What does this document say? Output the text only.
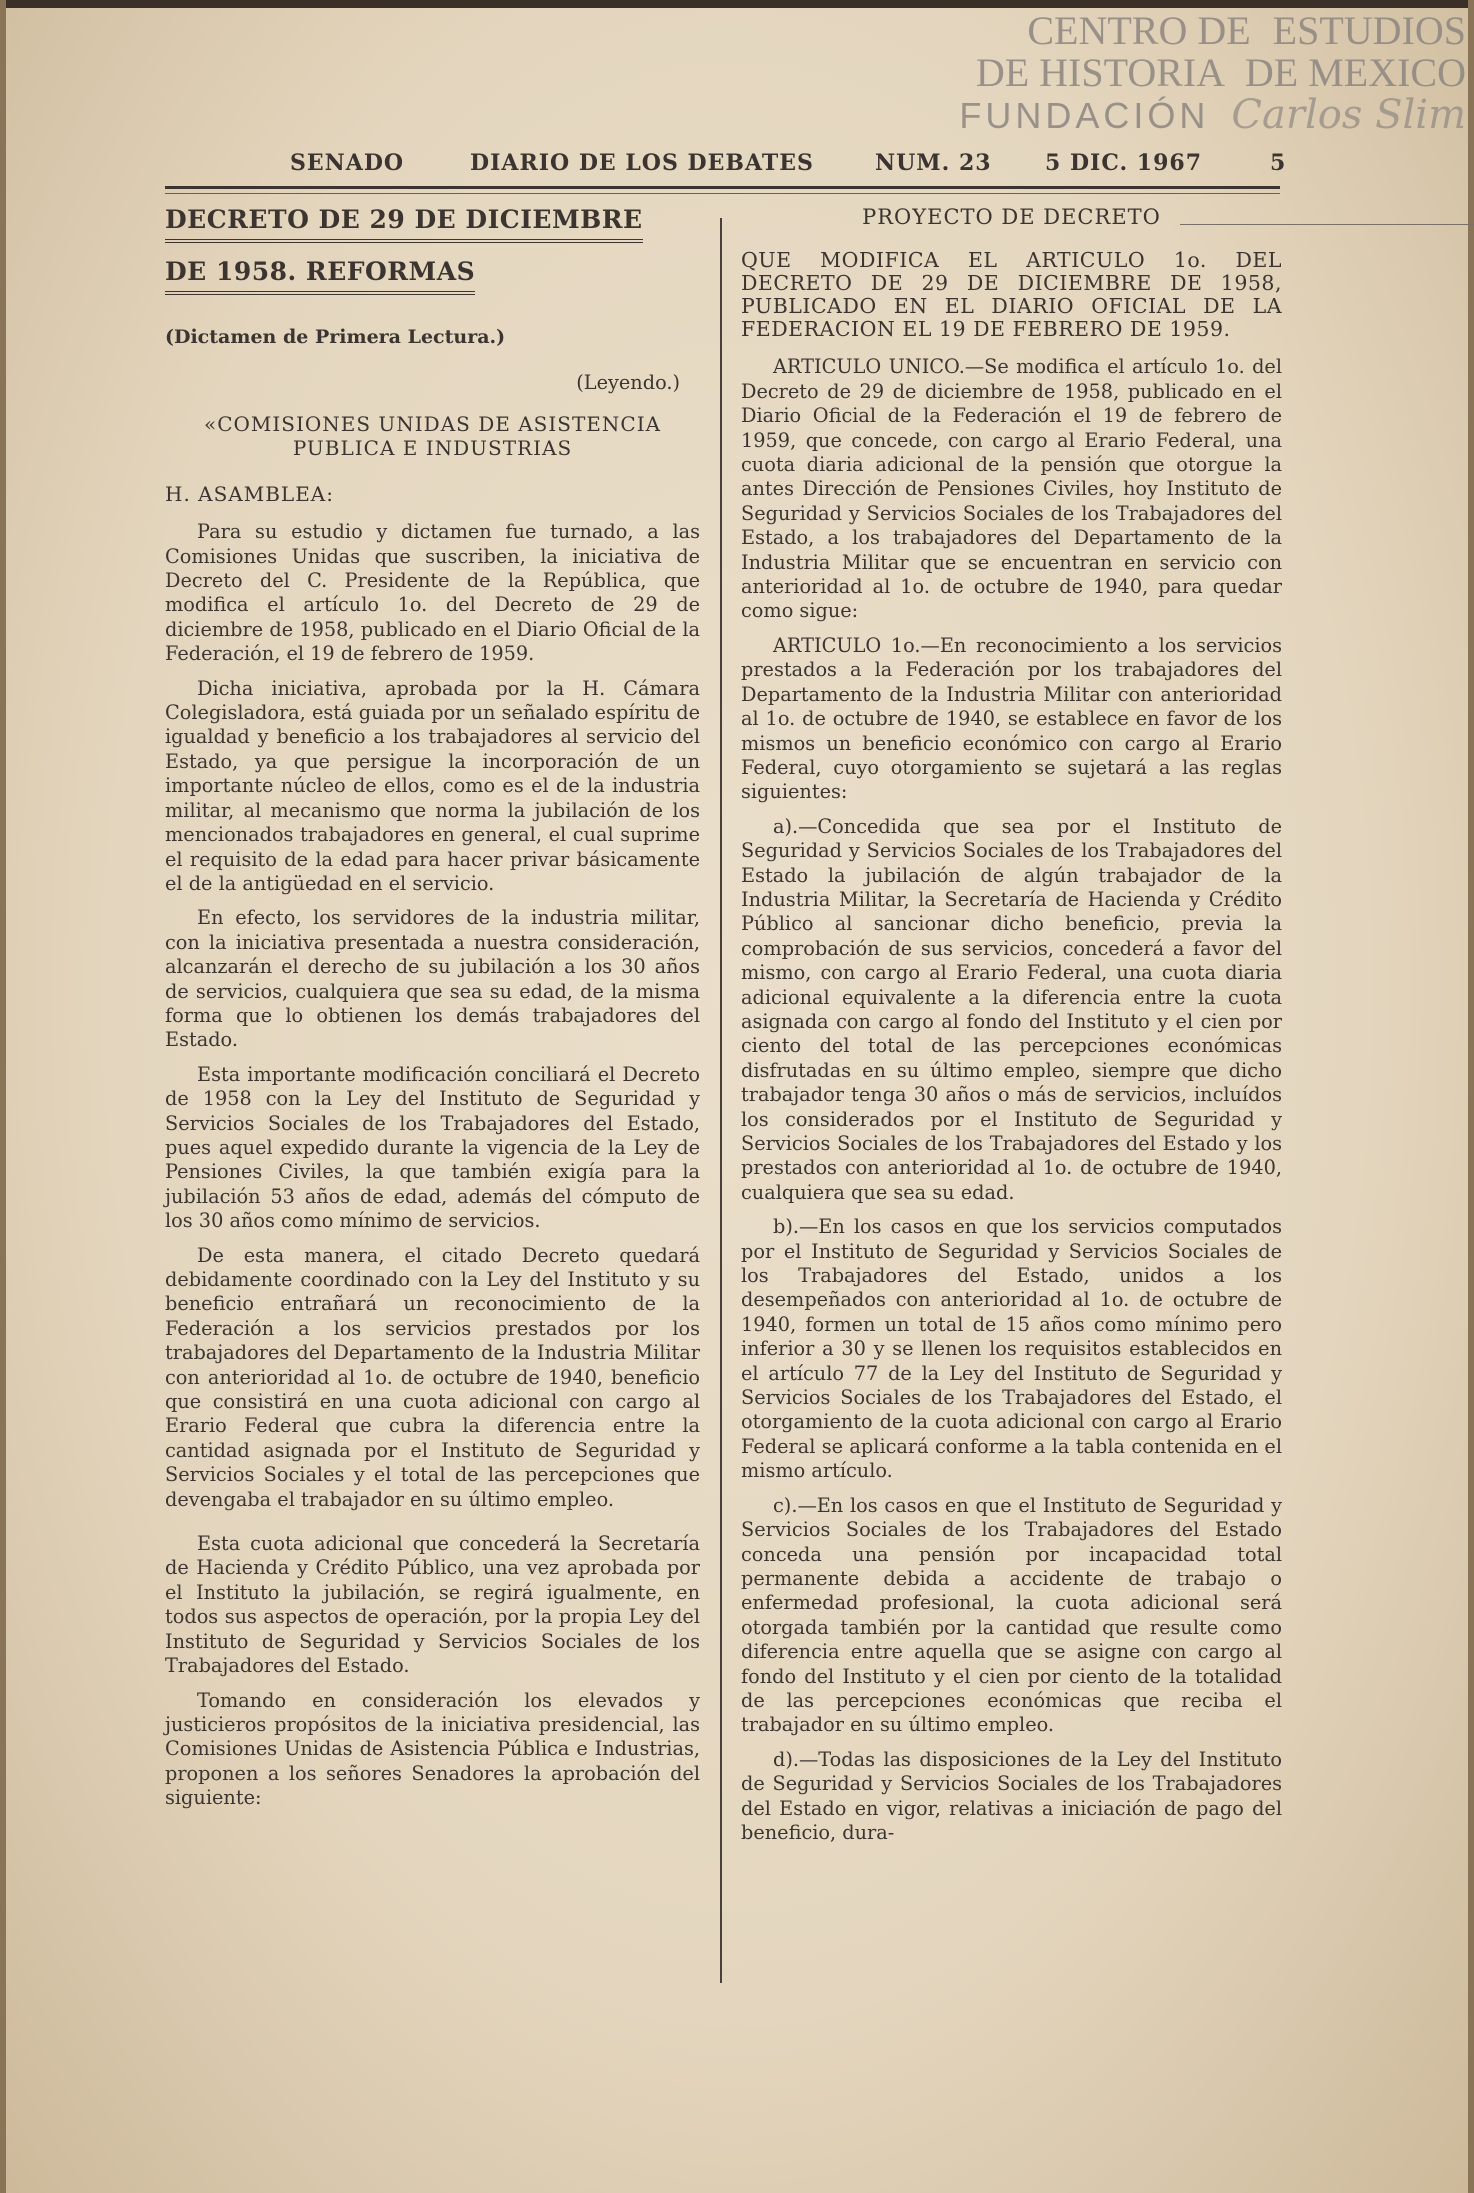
CENTRO DE ESTUDIOS
DE HISTORIA DE MEXICO
FUNDACIÓN Carlos Slim
SENADO	DIARIO DE LOS DEBATES	NUM. 23 5 DIC. 1967	5
DECRETO DE 29 DE DICIEMBRE
DE 1958. REFORMAS
(Dictamen de Primera Lectura.)
(Leyendo.)
«COMISIONES UNIDAS DE ASISTENCIA PUBLICA E INDUSTRIAS
H. ASAMBLEA:

Para su estudio y dictamen fue turnado, a las Comisiones Unidas que suscriben, la iniciativa de Decreto del C. Presidente de la República, que modifica el artículo 1o. del Decreto de 29 de diciembre de 1958, publicado en el Diario Oficial de la Federación, el 19 de febrero de 1959.

Dicha iniciativa, aprobada por la H. Cámara Colegisladora, está guiada por un señalado espíritu de igualdad y beneficio a los trabajadores al servicio del Estado, ya que persigue la incorporación de un importante núcleo de ellos, como es el de la industria militar, al mecanismo que norma la jubilación de los mencionados trabajadores en general, el cual suprime el requisito de la edad para hacer privar básicamente el de la antigüedad en el servicio.

En efecto, los servidores de la industria militar, con la iniciativa presentada a nuestra consideración, alcanzarán el derecho de su jubilación a los 30 años de servicios, cualquiera que sea su edad, de la misma forma que lo obtienen los demás trabajadores del Estado.

Esta importante modificación conciliará el Decreto de 1958 con la Ley del Instituto de Seguridad y Servicios Sociales de los Trabajadores del Estado, pues aquel expedido durante la vigencia de la Ley de Pensiones Civiles, la que también exigía para la jubilación 53 años de edad, además del cómputo de los 30 años como mínimo de servicios.

De esta manera, el citado Decreto quedará debidamente coordinado con la Ley del Instituto y su beneficio entrañará un reconocimiento de la Federación a los servicios prestados por los trabajadores del Departamento de la Industria Militar con anterioridad al 1o. de octubre de 1940, beneficio que consistirá en una cuota adicional con cargo al Erario Federal que cubra la diferencia entre la cantidad asignada por el Instituto de Seguridad y Servicios Sociales y el total de las percepciones que devengaba el trabajador en su último empleo.

Esta cuota adicional que concederá la Secretaría de Hacienda y Crédito Público, una vez aprobada por el Instituto la jubilación, se regirá igualmente, en todos sus aspectos de operación, por la propia Ley del Instituto de Seguridad y Servicios Sociales de los Trabajadores del Estado.

Tomando en consideración los elevados y justicieros propósitos de la iniciativa presidencial, las Comisiones Unidas de Asistencia Pública e Industrias, proponen a los señores Senadores la aprobación del siguiente:

PROYECTO DE DECRETO
QUE MODIFICA EL ARTICULO 1o. DEL DECRETO DE 29 DE DICIEMBRE DE 1958, PUBLICADO EN EL DIARIO OFICIAL DE LA FEDERACION EL 19 DE FEBRERO DE 1959.

ARTICULO UNICO.—Se modifica el artículo 1o. del Decreto de 29 de diciembre de 1958, publicado en el Diario Oficial de la Federación el 19 de febrero de 1959, que concede, con cargo al Erario Federal, una cuota diaria adicional de la pensión que otorgue la antes Dirección de Pensiones Civiles, hoy Instituto de Seguridad y Servicios Sociales de los Trabajadores del Estado, a los trabajadores del Departamento de la Industria Militar que se encuentran en servicio con anterioridad al 1o. de octubre de 1940, para quedar como sigue:

ARTICULO 1o.—En reconocimiento a los servicios prestados a la Federación por los trabajadores del Departamento de la Industria Militar con anterioridad al 1o. de octubre de 1940, se establece en favor de los mismos un beneficio económico con cargo al Erario Federal, cuyo otorgamiento se sujetará a las reglas siguientes:

a).—Concedida que sea por el Instituto de Seguridad y Servicios Sociales de los Trabajadores del Estado la jubilación de algún trabajador de la Industria Militar, la Secretaría de Hacienda y Crédito Público al sancionar dicho beneficio, previa la comprobación de sus servicios, concederá a favor del mismo, con cargo al Erario Federal, una cuota diaria adicional equivalente a la diferencia entre la cuota asignada con cargo al fondo del Instituto y el cien por ciento del total de las percepciones económicas disfrutadas en su último empleo, siempre que dicho trabajador tenga 30 años o más de servicios, incluídos los considerados por el Instituto de Seguridad y Servicios Sociales de los Trabajadores del Estado y los prestados con anterioridad al 1o. de octubre de 1940, cualquiera que sea su edad.

b).—En los casos en que los servicios computados por el Instituto de Seguridad y Servicios Sociales de los Trabajadores del Estado, unidos a los desempeñados con anterioridad al 1o. de octubre de 1940, formen un total de 15 años como mínimo pero inferior a 30 y se llenen los requisitos establecidos en el artículo 77 de la Ley del Instituto de Seguridad y Servicios Sociales de los Trabajadores del Estado, el otorgamiento de la cuota adicional con cargo al Erario Federal se aplicará conforme a la tabla contenida en el mismo artículo.

c).—En los casos en que el Instituto de Seguridad y Servicios Sociales de los Trabajadores del Estado conceda una pensión por incapacidad total permanente debida a accidente de trabajo o enfermedad profesional, la cuota adicional será otorgada también por la cantidad que resulte como diferencia entre aquella que se asigne con cargo al fondo del Instituto y el cien por ciento de la totalidad de las percepciones económicas que reciba el trabajador en su último empleo.

d).—Todas las disposiciones de la Ley del Instituto de Seguridad y Servicios Sociales de los Trabajadores del Estado en vigor, relativas a iniciación de pago del beneficio, dura-
